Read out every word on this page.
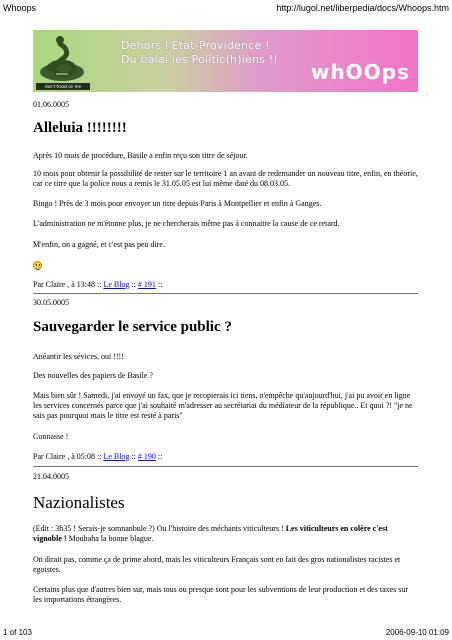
Whoops	http://lugol.net/liberpedia/docs/Whoops.htm
don't tread on me
Dehors l'Etat-Providence !
Du balai les Politic(h)iens !!
whOOps
01.06.0005
Alleluia !!!!!!!!
Après 10 mois de procédure, Basile a enfin reçu son titre de séjour.
10 mois pour obtenir la possibilité de rester sur le territoire 1 an avant de redemander un nouveau titre, enfin, en théorie, car ce titre que la police nous a remis le 31.05.05 est lui même daté du 08.03.05.
Bingo ! Près de 3 mois pour envoyer un titre depuis Paris à Montpellier et enfin à Ganges.
L'administration ne m'étonne plus, je ne chercherais même pas à connaitre la cause de ce retard.
M'enfin, on a gagné, et c'est pas peu dire.
Par Claire , à 13:48 :: Le Blog :: # 191 ::
30.05.0005
Sauvegarder le service public ?
Anéantir les sévices, oui !!!!
Des nouvelles des papiers de Basile ?
Mais bien sûr ! Samedi, j'ai envoyé un fax, que je recopierais ici tiens, n'empêche qu'aujourd'hui, j'ai pu avoir en ligne les services concernés parce que j'ai souhaité m'adresser au secrétariat du médiateur de la république.. Et quoi ?! "je ne sais pas pourquoi mais le titre est resté à paris"
Connasse !
Par Claire , à 05:08 :: Le Blog :: # 190 ::
21.04.0005
Nazionalistes
(Edit : 3h35 ! Serais-je somnanbule ?) Ou l'histoire des méchants viticulteurs ! Les viticulteurs en colère c'est vignoble ! Mouhaha la bonne blague.
On dirait pas, comme ça de prime abord, mais les viticulteurs Français sont en fait des gros nationalistes racistes et egoistes.
Certains plus que d'autres bien sur, mais tous ou presque sont pour les subventions de leur production et des taxes sur les importations étrangères.
1 of 103	2006-09-10 01:09
